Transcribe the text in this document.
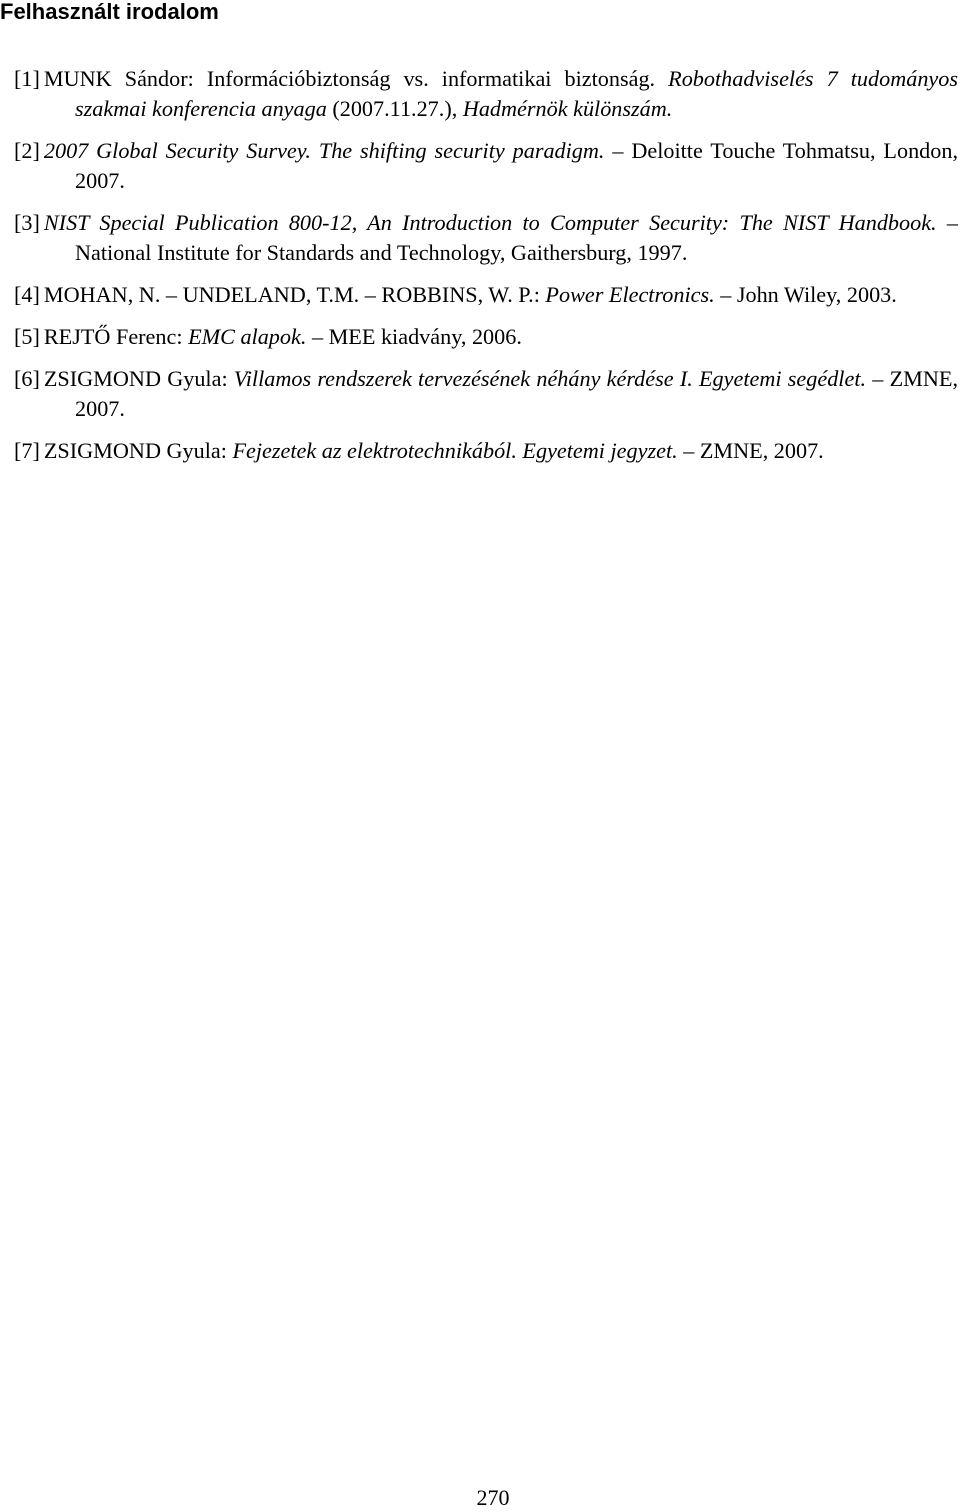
Felhasznált irodalom
[1] MUNK Sándor: Információbiztonság vs. informatikai biztonság. Robothadviselés 7 tudományos szakmai konferencia anyaga (2007.11.27.), Hadmérnök különszám.
[2] 2007 Global Security Survey. The shifting security paradigm. – Deloitte Touche Tohmatsu, London, 2007.
[3] NIST Special Publication 800-12, An Introduction to Computer Security: The NIST Handbook. – National Institute for Standards and Technology, Gaithersburg, 1997.
[4] MOHAN, N. – UNDELAND, T.M. – ROBBINS, W. P.: Power Electronics. – John Wiley, 2003.
[5] REJTŐ Ferenc: EMC alapok. – MEE kiadvány, 2006.
[6] ZSIGMOND Gyula: Villamos rendszerek tervezésének néhány kérdése I. Egyetemi segédlet. – ZMNE, 2007.
[7] ZSIGMOND Gyula: Fejezetek az elektrotechnikából. Egyetemi jegyzet. – ZMNE, 2007.
270
